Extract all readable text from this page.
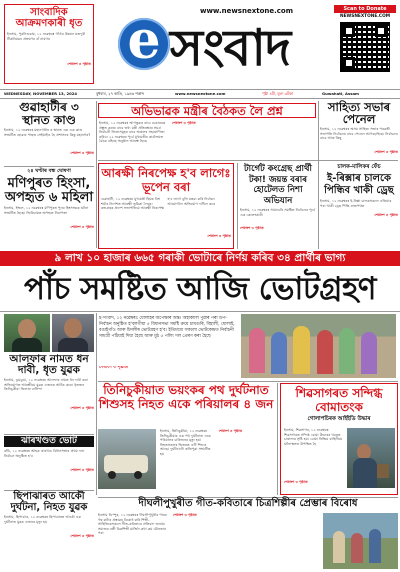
সাংবাদিক আক্ৰমণকাৰী ধৃত
ইনসাম, পুৰনিগুৱাম, ১২ নৱেম্বৰঃ গাঁওঁৰ উন্নয়ন মজদুৰী টিকনিয়মন প্ৰক্ৰমণৰ বাঁ নামগৰ
শেষাংশ ৩ পৃষ্ঠাত
www.newsnextone.com
e সংবাদ
Scan to Donate
NEWSNEXTONE.COM
WEDNESDAY, NOVEMBER 13, 2024	বুধবাৰ, ২৭ কাতি, ১৯৪৬ শকাব্দ	www.newsnextone.com	পৃষ্ঠা ৪টা, মূল্য ৩টকা	Guwahati, Assam
গুৱাহাটীৰ ৩ স্থানত কাণ্ড
ইনসাম, ১২ নৱেম্বৰঃ মহানগৰীৰ ৩ স্থানত এক এক কাণ্ড সংঘটিত হোৱাৰ পাছত সেইয়াইও হৈ প্ৰশাসনৰ কিন্তু মহানগৰ?
শেষাংশ ৩ পৃষ্ঠাত
২৪ ঘণ্টাৰ বন্ধ ঘোষণা
মণিপুৰত হিংসা, অপহৃত ৬ মহিলা
ইনসাম, ইম্ফল, ১২ নৱেম্বৰঃ মণিপুৰত পুনৰ হিংসাত্মক ঘটনা সংঘটিত হৈছে। জিৰিবামত অপহৃত নিৰাপত্তা
শেষাংশ ৩ পৃষ্ঠাত
অভিভাৱক মন্ত্ৰীৰ বৈঠকত লৈ প্ৰশ্ন
ইনসাম, ১২ নৱেম্বৰঃ আগন্তুকৰ বাবে চেকাৰৰক প্ৰস্তুত কৰাৰ বাবে তথ্য মন্ত্ৰী প্ৰতিৰক্ষাৰ সমগ্ৰ নিৰ্বাচনী জিলাসমূহৰ বাবে অঞ্চলৰ সহযোগিতা কৰিব। ২২ নৱেম্বৰৰ পূৰ্বে মুখ্যমন্ত্ৰীৰ কাৰ্যালয়ত বৈঠক বহিছে অনুষ্ঠান আৰম্ভ হৈছে
শেষাংশ ৩ পৃষ্ঠাত
সাহিত্য সভাৰ পেনেল
ইনসাম, ১২ নৱেম্বৰঃ অসম সাহিত্য সভাৰ পৰৱৰ্তী সভাপতি নিৰ্বাচনৰ বাবে পেনেল আগবঢ়াইছে। নিৰ্বাচনৰ বাবে আৰু কিছু
শেষাংশ ৩ পৃষ্ঠাত
আৰক্ষী নিৰপেক্ষ হ'ব লাগেঃ ভূপেন বৰা
গুৱাহাটী, ১২ নৱেম্বৰঃ মুখ্যমন্ত্ৰী হিমন্ত বিশ্ব শৰ্মাৰ নিৰ্দেশত আৰক্ষী ভূমিকা লৈছে। কংগ্ৰেছৰ প্ৰদেশ সভাপতিয়ে আৰক্ষী নিৰপেক্ষ হ'ব লাগে বুলি মন্তব্য কৰি নিৰ্বাচন আয়োগলৈ অভিযোগ দাখিল কৰে
শেষাংশ ৩ পৃষ্ঠাত
টাৰ্গেট কংগ্ৰেছ প্ৰাৰ্থী টকা! জয়ন্ত বৰাৰ হোটেলত নিশা অভিযান
ইনসাম, ১২ নৱেম্বৰঃ সামাগুৰি সমষ্টিত নিৰ্বাচনৰ পূৰ্বে এক কেলেংকাৰী
শেষাংশ ৩ পৃষ্ঠাত
চালক-মালিকৰ ফেঁচ
ই-ৰিক্সাৰ চালকে পিন্ধিব খাকী ড্ৰেছ
ইনসাম, ১২ নৱেম্বৰঃ ই-ৰিক্সা চালকসকলে এতিয়াৰ পৰা খাকী ড্ৰেছ পিন্ধি ৰাজপথত
শেষাংশ ৩ পৃষ্ঠাত
৯ লাখ ১০ হাজাৰ ৬৬৫ গৰাকী ভোটাৰে নিৰ্ণয় কৰিব ৩৪ প্ৰাৰ্থীৰ ভাগ্য
পাঁচ সমষ্টিত আজি ভোটগ্ৰহণ
আলফাৰ নামত ধন দাবী, ধৃত যুৱক
ইনসাম, ডুমডুমা, ১২ নৱেম্বৰঃ আলফাৰ নামত ধন দাবী কৰা অভিযোগত আৰক্ষীয়ে যুৱক এজনক আটক কৰে। ধৃতজন তিনিচুকীয়া জিলাৰ বাসিন্দা
শেষাংশ ৩ পৃষ্ঠাত
ই-সংবাদ, ১২ নৱেম্বৰঃ ধোলাইৰ অপেক্ষাৰ অন্ত। অহাকালি পুৱাৰ পৰা উপ-নিৰ্বাচন অনুষ্ঠিত হ'বলগীয়া ৫ বিধানসভা সমষ্টি ক্ৰমে চামগুৰি, বিহালী, ধোলাই, বঙাইগাঁও আৰু চিদলীৰ ভোটগ্ৰহণ হ'ব। ইতিমধ্যে সকলো ভোটকেন্দ্ৰত নিৰ্বাচনী সামগ্ৰী পঠিয়াই দিয়া হৈছে আৰু মুঠ ৫ পলিং দল প্ৰেৰণ কৰা হৈছে
শেষাংশ ৩ পৃষ্ঠাত
তিনিচুকীয়াত ভয়ংকৰ পথ দুৰ্ঘটনাত শিশুসহ নিহত একে পৰিয়ালৰ ৪ জন
ইনসাম, তিনিচুকীয়া, ১২ নৱেম্বৰঃ তিনিচুকীয়াৰ এক পথ দুৰ্ঘটনাত একে পৰিয়ালৰ চাৰিজনৰ মৃত্যু হয়। নিহতসকলৰ ভিতৰত এটি শিশুও আছে। দুৰ্ঘটনাটো ৰাতিপুৱা সংঘটিত হয়
শেষাংশ ৩ পৃষ্ঠাত
শিৱসাগৰত সন্দিগ্ধ বোমাতংক
গোলাপচিৰক আইইডি উদ্ধাৰ
ইনসাম, শিৱসাগৰ, ১২ নৱেম্বৰঃ শিৱসাগৰত সন্দিগ্ধ বোমা উদ্ধাৰৰ খবৰত চাঞ্চল্যৰ সৃষ্টি হয়। বোমা নিষ্ক্ৰিয় বাহিনীয়ে ঘটনাস্থলত উপস্থিত হৈ
শেষাংশ ৩ পৃষ্ঠাত
ঝাৰখণ্ডত ভোট
ৰাঁচি, ১২ নৱেম্বৰঃ আহক ঝাৰখণ্ড বিধানসভাৰ প্ৰথম দফা নিৰ্বাচন অনুষ্ঠিত হ'ব
শেষাংশ ৩ পৃষ্ঠাত
ছিপাঝাৰত আকৌ দুৰ্ঘটনা, নিহত যুৱক
ইনসাম, ছিপাঝাৰ, ১২ নৱেম্বৰঃ ছিপাঝাৰত আকৌ এক দুৰ্ঘটনাত যুৱক এজনৰ মৃত্যু হয়
শেষাংশ ৩ পৃষ্ঠাত
দীঘলীপুখুৰীত গীত-কবিতাৰে চিত্ৰশিল্পীৰ প্ৰেম্ভাৰ বিৰোধ
ইনসাম ডিস্পুৰ, ১২ নৱেম্বৰঃ দীঘলীপুখুৰীৰ পাৰৰ গছ কটাৰ প্ৰস্তাৱৰ বিৰোধ কৰি শিল্পী-সাহিত্যিকসকলে গীত-কবিতাৰে প্ৰতিবাদ জনায়। সমাজৰ বৰ্তী চিত্ৰশিল্পী মাৰ্জিন কথা কয় মৌনতাৰ পৰা
শেষাংশ ৩ পৃষ্ঠাত
